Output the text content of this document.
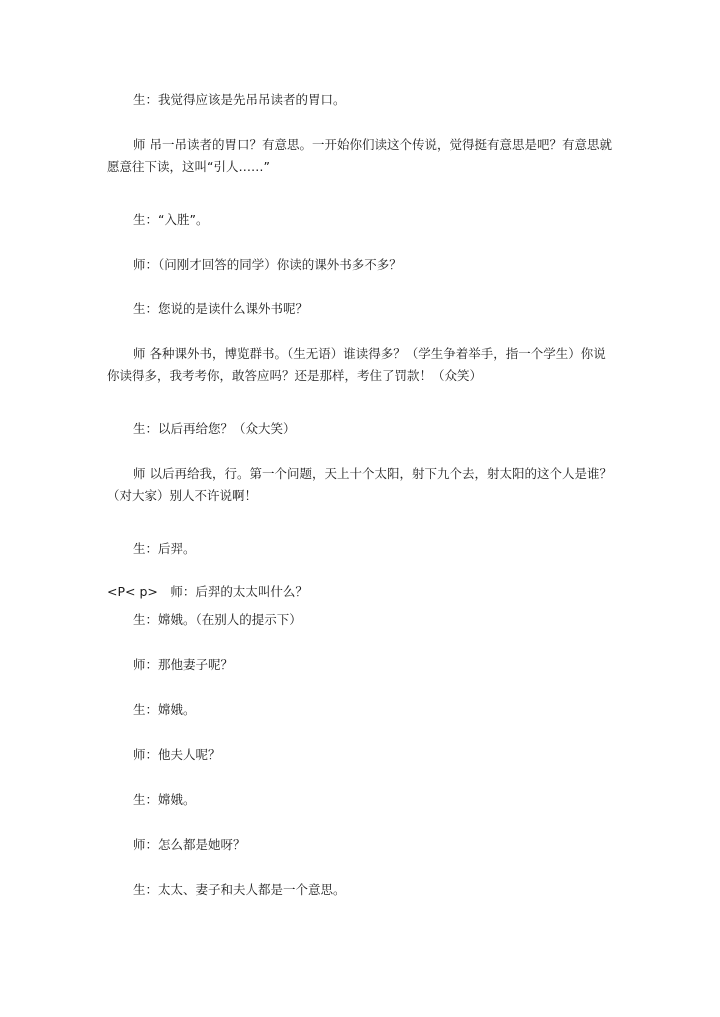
生：我觉得应该是先吊吊读者的胃口。

师 吊一吊读者的胃口？有意思。一开始你们读这个传说，觉得挺有意思是吧？有意思就愿意往下读，这叫“引人……”

生：“入胜”。

师：（问刚才回答的同学）你读的课外书多不多？

生：您说的是读什么课外书呢？

师 各种课外书，博览群书。（生无语）谁读得多？（学生争着举手，指一个学生）你说你读得多，我考考你，敢答应吗？还是那样，考住了罚款！（众笑）

生：以后再给您？（众大笑）

师 以后再给我，行。第一个问题，天上十个太阳，射下九个去，射太阳的这个人是谁？（对大家）别人不许说啊！

生：后羿。

<P< p>　师：后羿的太太叫什么？

生：嫦娥。（在别人的提示下）

师：那他妻子呢？

生：嫦娥。

师：他夫人呢？

生：嫦娥。

师：怎么都是她呀？

生：太太、妻子和夫人都是一个意思。
